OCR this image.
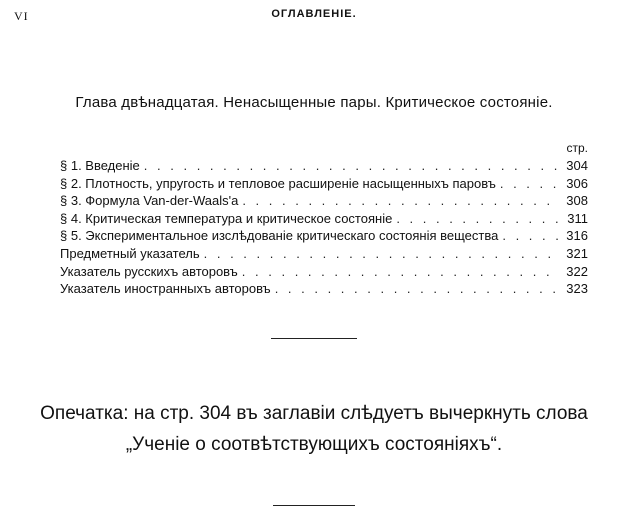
VI	ОГЛАВЛЕНІЕ.
Глава двѣнадцатая. Ненасыщенные пары. Критическое состояніе.
стр.
§ 1. Введеніе . . .	304
§ 2. Плотность, упругость и тепловое расширеніе насыщенныхъ паровъ . . .	306
§ 3. Формула Van-der-Waals'a . . .	308
§ 4. Критическая температура и критическое состояніе . . .	311
§ 5. Экспериментальное изслѣдованіе критическаго состоянія вещества . . .	316
Предметный указатель . . .	321
Указатель русскихъ авторовъ . . .	322
Указатель иностранныхъ авторовъ . . .	323
Опечатка: на стр. 304 въ заглавіи слѣдуетъ вычеркнуть слова
„Ученіе о соотвѣтствующихъ состояніяхъ“.
